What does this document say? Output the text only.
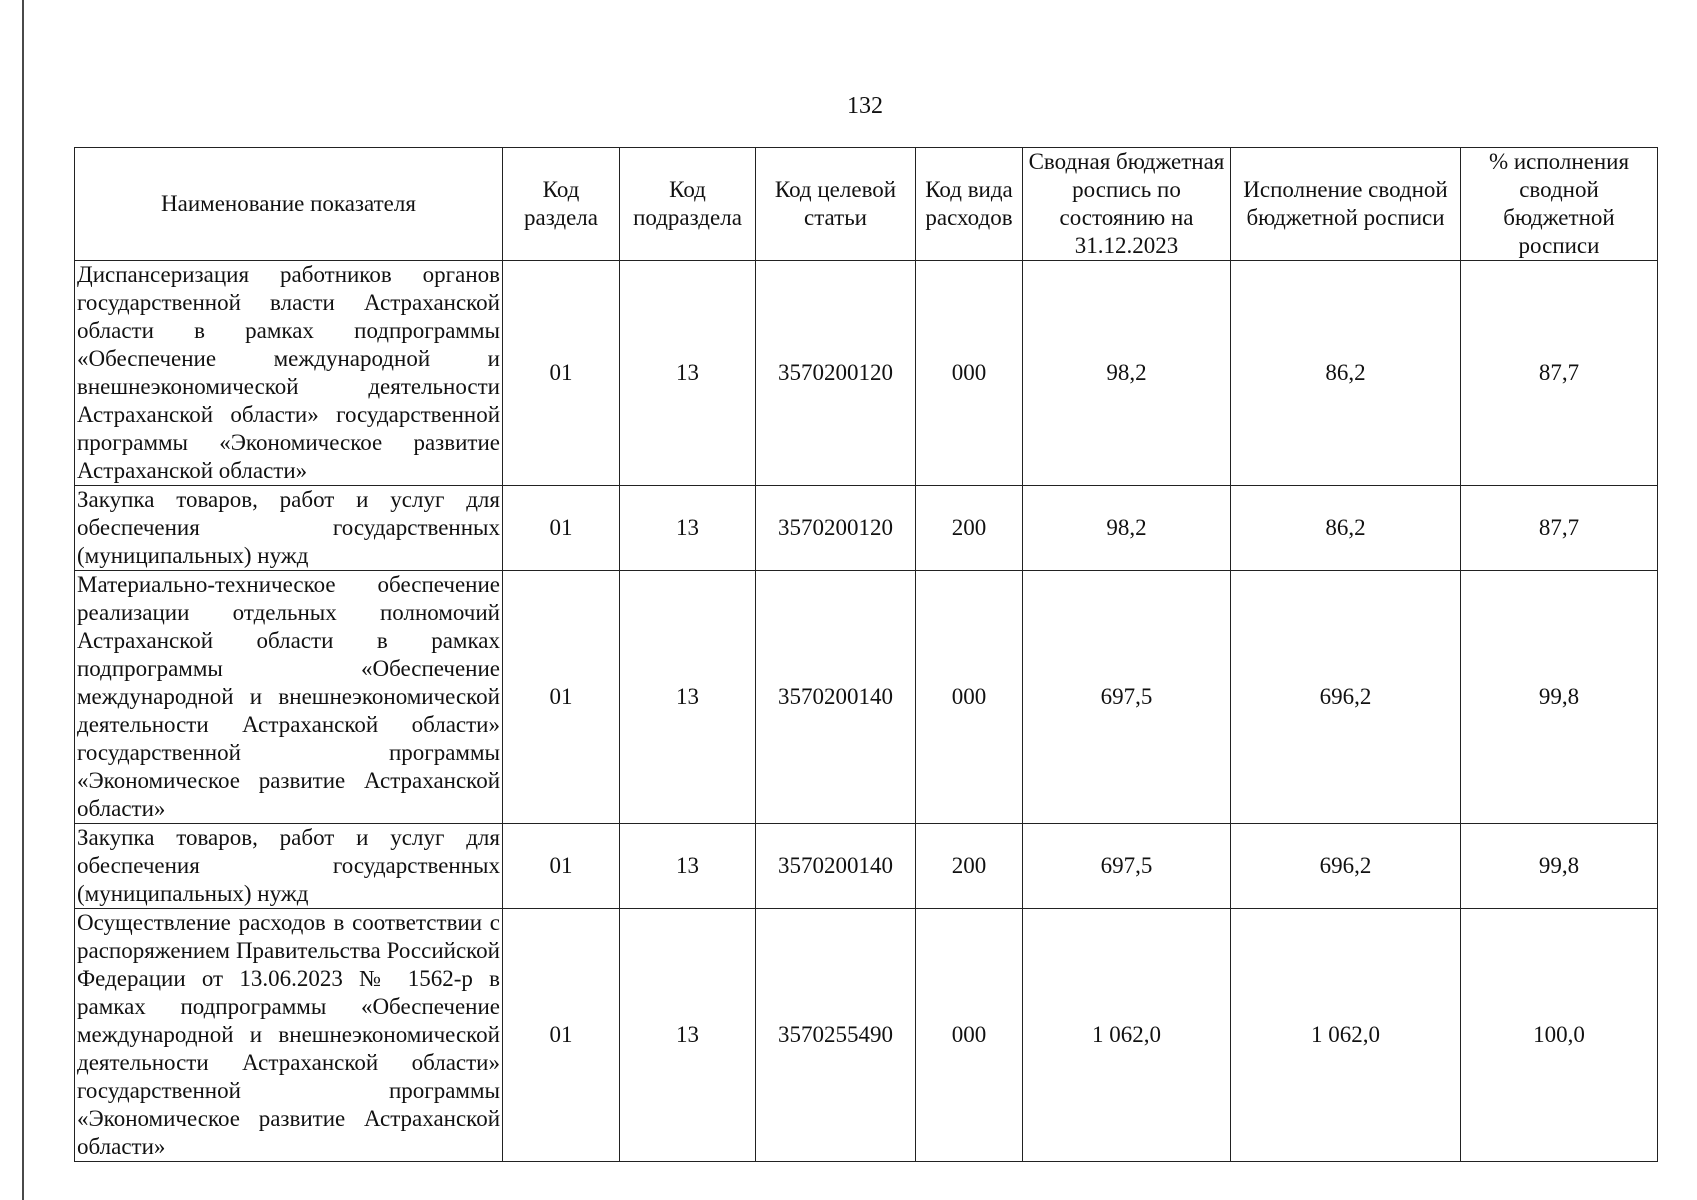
132
Наименование показателя	Код раздела	Код подраздела	Код целевой статьи	Код вида расходов	Сводная бюджетная роспись по состоянию на 31.12.2023	Исполнение сводной бюджетной росписи	% исполнения сводной бюджетной росписи
Диспансеризация работников органов государственной власти Астраханской области в рамках подпрограммы «Обеспечение международной и внешнеэкономической деятельности Астраханской области» государственной программы «Экономическое развитие Астраханской области»	01	13	3570200120	000	98,2	86,2	87,7
Закупка товаров, работ и услуг для обеспечения государственных (муниципальных) нужд	01	13	3570200120	200	98,2	86,2	87,7
Материально-техническое обеспечение реализации отдельных полномочий Астраханской области в рамках подпрограммы «Обеспечение международной и внешнеэкономической деятельности Астраханской области» государственной программы «Экономическое развитие Астраханской области»	01	13	3570200140	000	697,5	696,2	99,8
Закупка товаров, работ и услуг для обеспечения государственных (муниципальных) нужд	01	13	3570200140	200	697,5	696,2	99,8
Осуществление расходов в соответствии с распоряжением Правительства Российской Федерации от 13.06.2023 № 1562-р в рамках подпрограммы «Обеспечение международной и внешнеэкономической деятельности Астраханской области» государственной программы «Экономическое развитие Астраханской области»	01	13	3570255490	000	1 062,0	1 062,0	100,0
